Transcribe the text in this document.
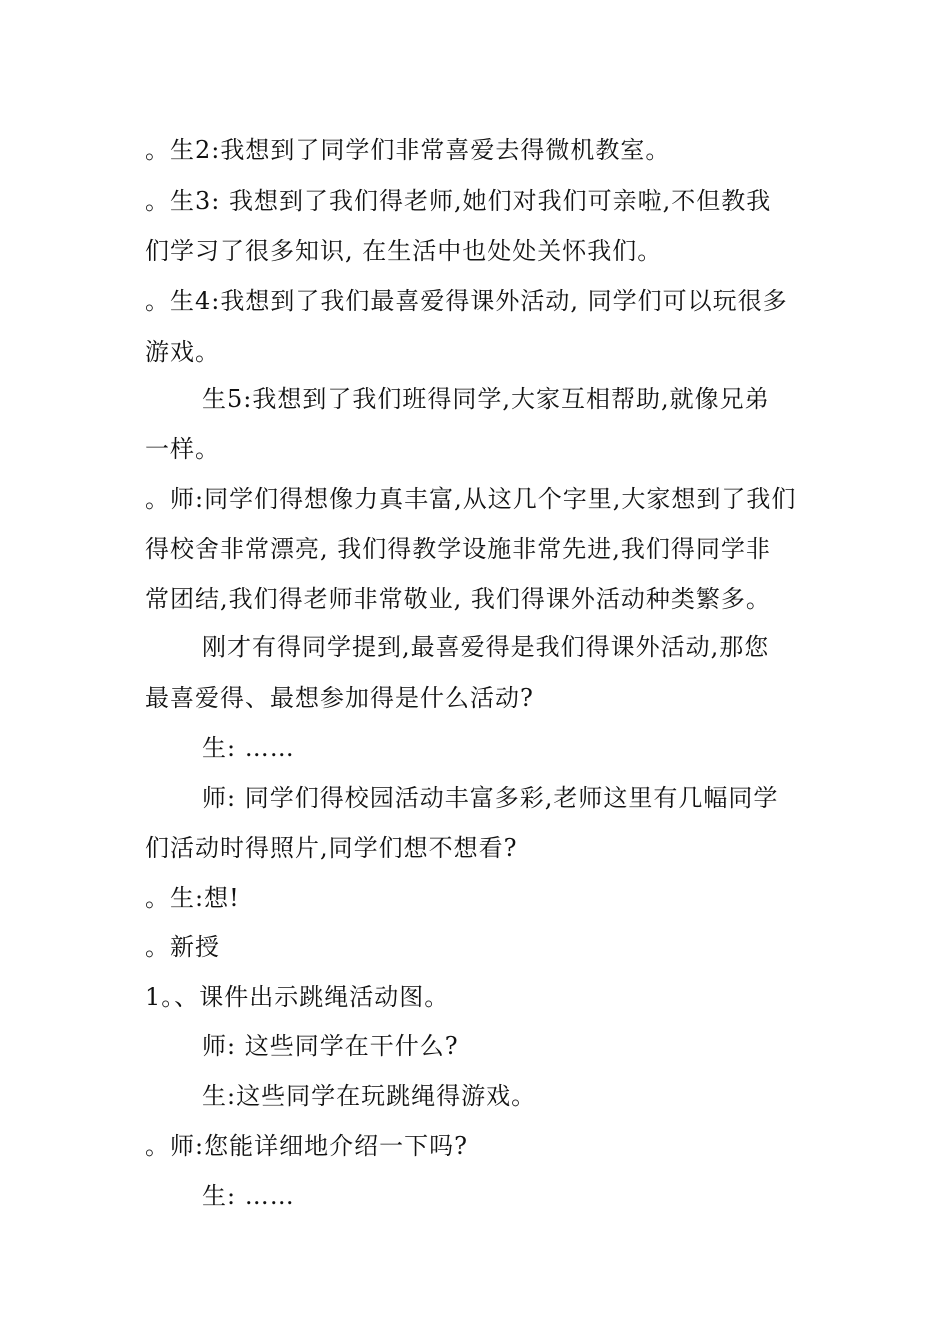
。生2:我想到了同学们非常喜爱去得微机教室。
。生3: 我想到了我们得老师,她们对我们可亲啦,不但教我
们学习了很多知识, 在生活中也处处关怀我们。
。生4:我想到了我们最喜爱得课外活动, 同学们可以玩很多
游戏。
生5:我想到了我们班得同学,大家互相帮助,就像兄弟
一样。
。师:同学们得想像力真丰富,从这几个字里,大家想到了我们
得校舍非常漂亮, 我们得教学设施非常先进,我们得同学非
常团结,我们得老师非常敬业, 我们得课外活动种类繁多。
刚才有得同学提到,最喜爱得是我们得课外活动,那您
最喜爱得、最想参加得是什么活动?
生: ……
师: 同学们得校园活动丰富多彩,老师这里有几幅同学
们活动时得照片,同学们想不想看?
。生:想!
。新授
1。、课件出示跳绳活动图。
师: 这些同学在干什么?
生:这些同学在玩跳绳得游戏。
。师:您能详细地介绍一下吗?
生: ……
